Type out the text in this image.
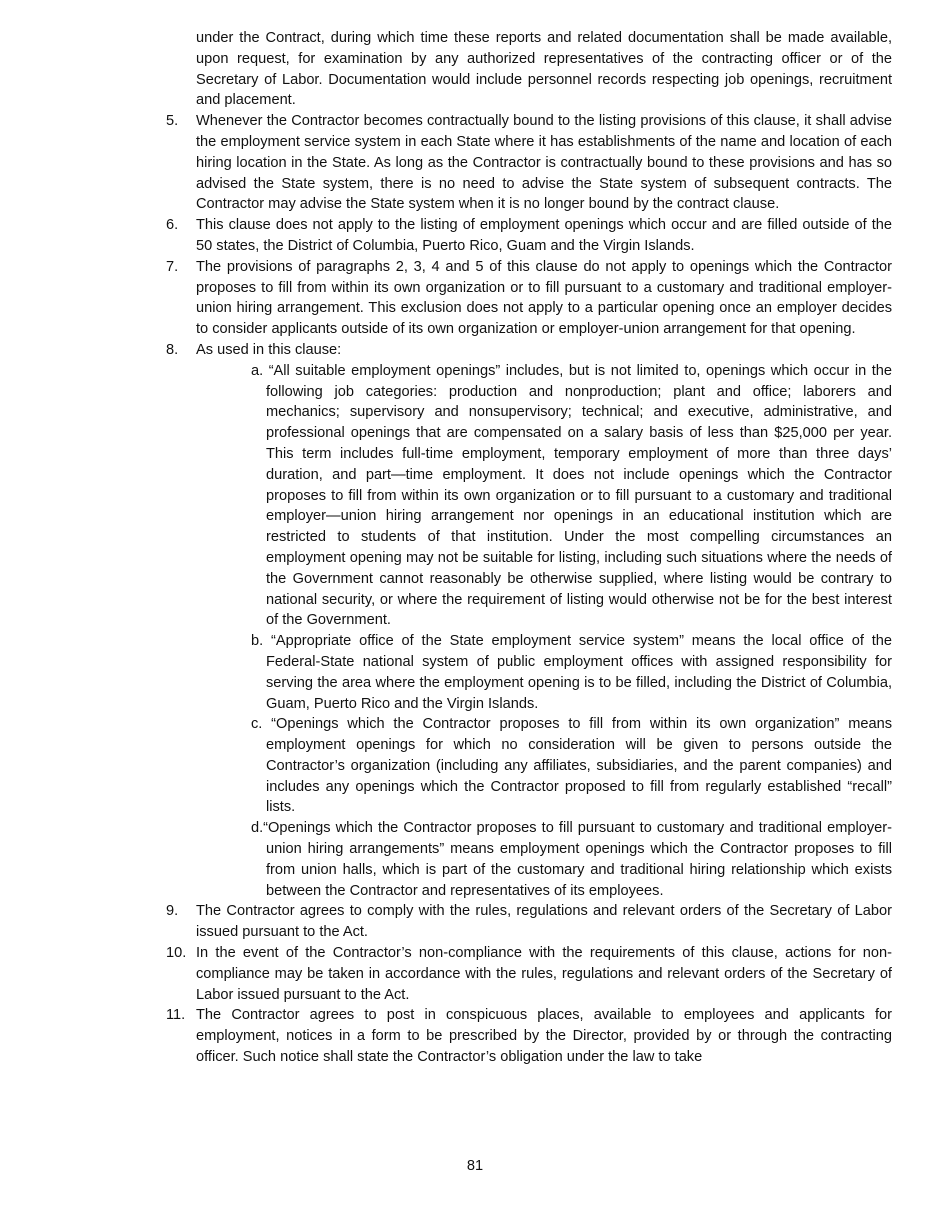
under the Contract, during which time these reports and related documentation shall be made available, upon request, for examination by any authorized representatives of the contracting officer or of the Secretary of Labor. Documentation would include personnel records respecting job openings, recruitment and placement.

5.	Whenever the Contractor becomes contractually bound to the listing provisions of this clause, it shall advise the employment service system in each State where it has establishments of the name and location of each hiring location in the State. As long as the Contractor is contractually bound to these provisions and has so advised the State system, there is no need to advise the State system of subsequent contracts. The Contractor may advise the State system when it is no longer bound by the contract clause.
6.	This clause does not apply to the listing of employment openings which occur and are filled outside of the 50 states, the District of Columbia, Puerto Rico, Guam and the Virgin Islands.
7.	The provisions of paragraphs 2, 3, 4 and 5 of this clause do not apply to openings which the Contractor proposes to fill from within its own organization or to fill pursuant to a customary and traditional employer-union hiring arrangement. This exclusion does not apply to a particular opening once an employer decides to consider applicants outside of its own organization or employer-union arrangement for that opening.
8.	As used in this clause:
a. “All suitable employment openings” includes, but is not limited to, openings which occur in the following job categories: production and nonproduction; plant and office; laborers and mechanics; supervisory and nonsupervisory; technical; and executive, administrative, and professional openings that are compensated on a salary basis of less than $25,000 per year. This term includes full-time employment, temporary employment of more than three days’ duration, and part—time employment. It does not include openings which the Contractor proposes to fill from within its own organization or to fill pursuant to a customary and traditional employer—union hiring arrangement nor openings in an educational institution which are restricted to students of that institution. Under the most compelling circumstances an employment opening may not be suitable for listing, including such situations where the needs of the Government cannot reasonably be otherwise supplied, where listing would be contrary to national security, or where the requirement of listing would otherwise not be for the best interest of the Government.
b. “Appropriate office of the State employment service system” means the local office of the Federal-State national system of public employment offices with assigned responsibility for serving the area where the employment opening is to be filled, including the District of Columbia, Guam, Puerto Rico and the Virgin Islands.
c. “Openings which the Contractor proposes to fill from within its own organization” means employment openings for which no consideration will be given to persons outside the Contractor’s organization (including any affiliates, subsidiaries, and the parent companies) and includes any openings which the Contractor proposed to fill from regularly established “recall” lists.
d.“Openings which the Contractor proposes to fill pursuant to customary and traditional employer-union hiring arrangements” means employment openings which the Contractor proposes to fill from union halls, which is part of the customary and traditional hiring relationship which exists between the Contractor and representatives of its employees.
9.	The Contractor agrees to comply with the rules, regulations and relevant orders of the Secretary of Labor issued pursuant to the Act.
10. In the event of the Contractor’s non-compliance with the requirements of this clause, actions for non-compliance may be taken in accordance with the rules, regulations and relevant orders of the Secretary of Labor issued pursuant to the Act.
11. The Contractor agrees to post in conspicuous places, available to employees and applicants for employment, notices in a form to be prescribed by the Director, provided by or through the contracting officer. Such notice shall state the Contractor’s obligation under the law to take
81
